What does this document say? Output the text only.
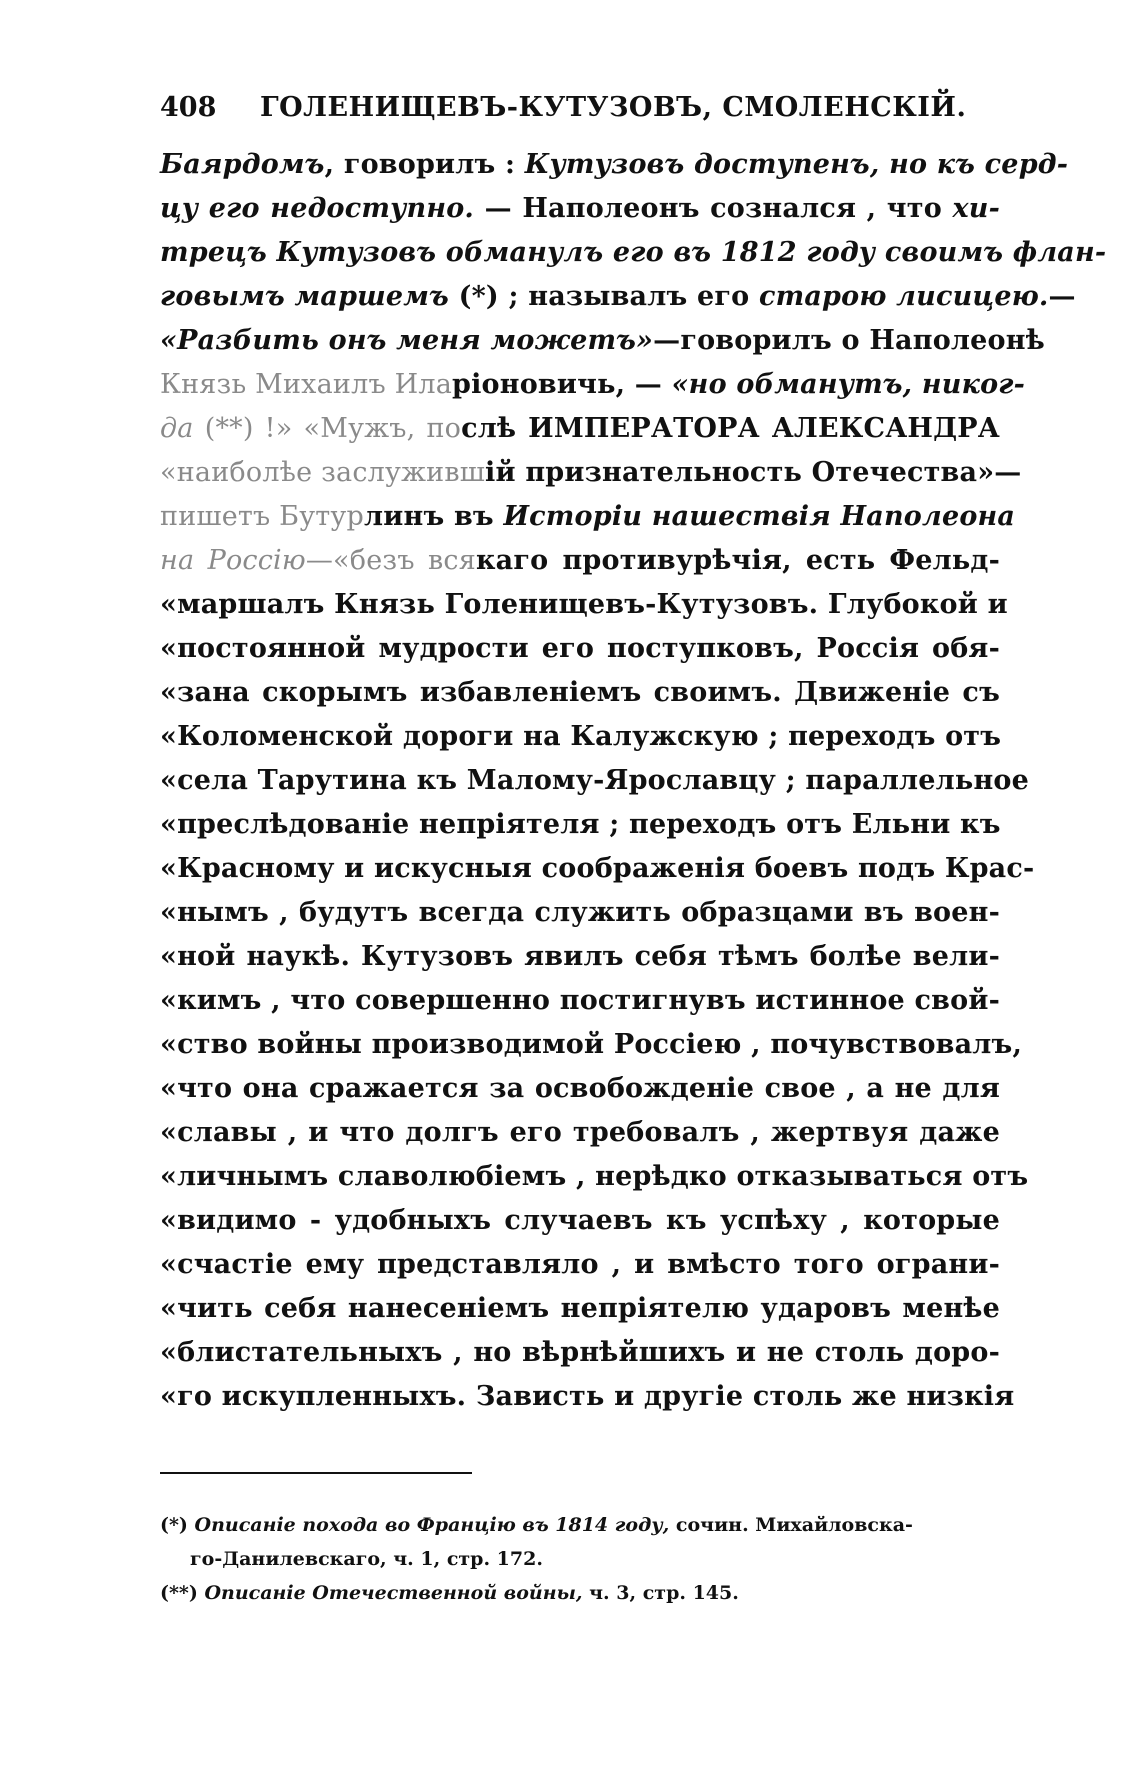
408 ГОЛЕНИЩЕВЪ-КУТУЗОВЪ, СМОЛЕНСКІЙ.
Баярдомъ, говорилъ : Кутузовъ доступенъ, но къ серд-
цу его недоступно. — Наполеонъ сознался , что хи-
трецъ Кутузовъ обманулъ его въ 1812 году своимъ флан-
говымъ маршемъ (*) ; называлъ его старою лисицею.—
«Разбить онъ меня можетъ»—говорилъ о Наполеонѣ
Князь Михаилъ Иларіоновичь, — «но обманутъ, никог-
да (**) !» «Мужъ, послѣ ИМПЕРАТОРА АЛЕКСАНДРА
«наиболѣе заслужившій признательность Отечества»—
пишетъ Бутурлинъ въ Исторіи нашествія Наполеона
на Россію—«безъ всякаго противурѣчія, есть Фельд-
«маршалъ Князь Голенищевъ-Кутузовъ. Глубокой и
«постоянной мудрости его поступковъ, Россія обя-
«зана скорымъ избавленіемъ своимъ. Движеніе съ
«Коломенской дороги на Калужскую ; переходъ отъ
«села Тарутина къ Малому-Ярославцу ; параллельное
«преслѣдованіе непріятеля ; переходъ отъ Ельни къ
«Красному и искусныя соображенія боевъ подъ Крас-
«нымъ , будутъ всегда служить образцами въ воен-
«ной наукѣ. Кутузовъ явилъ себя тѣмъ болѣе вели-
«кимъ , что совершенно постигнувъ истинное свой-
«ство войны производимой Россіею , почувствовалъ,
«что она сражается за освобожденіе свое , а не для
«славы , и что долгъ его требовалъ , жертвуя даже
«личнымъ славолюбіемъ , нерѣдко отказываться отъ
«видимо - удобныхъ случаевъ къ успѣху , которые
«счастіе ему представляло , и вмѣсто того ограни-
«чить себя нанесеніемъ непріятелю ударовъ менѣе
«блистательныхъ , но вѣрнѣйшихъ и не столь доро-
«го искупленныхъ. Зависть и другіе столь же низкія
(*) Описаніе похода во Францію въ 1814 году, сочин. Михайловска-
го-Данилевскаго, ч. 1, стр. 172.
(**) Описаніе Отечественной войны, ч. 3, стр. 145.
